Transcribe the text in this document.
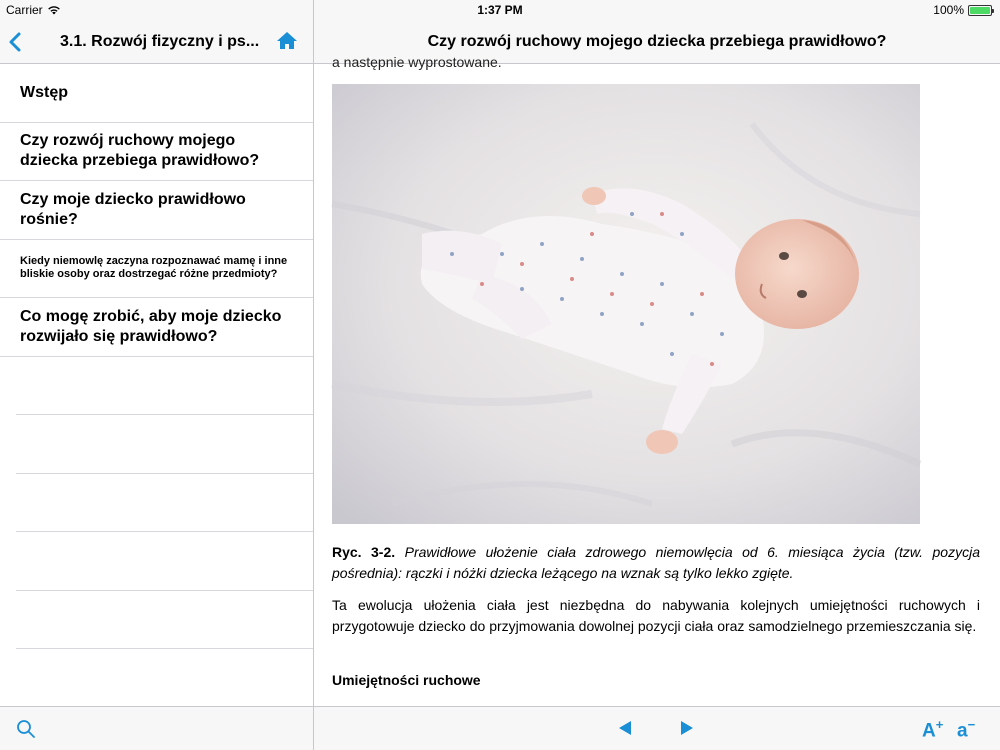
Carrier	1:37 PM	100%
3.1. Rozwój fizyczny i ps...	Czy rozwój ruchowy mojego dziecka przebiega prawidłowo?
Wstęp
Czy rozwój ruchowy mojego dziecka przebiega prawidłowo?
Czy moje dziecko prawidłowo rośnie?
Kiedy niemowlę zaczyna rozpoznawać mamę i inne bliskie osoby oraz dostrzegać różne przedmioty?
Co mogę zrobić, aby moje dziecko rozwijało się prawidłowo?
a następnie wyprostowane.

Ryc. 3-2. Prawidłowe ułożenie ciała zdrowego niemowlęcia od 6. miesiąca życia (tzw. pozycja pośrednia): rączki i nóżki dziecka leżącego na wznak są tylko lekko zgięte.

Ta ewolucja ułożenia ciała jest niezbędna do nabywania kolejnych umiejętności ruchowych i przygotowuje dziecko do przyjmowania dowolnej pozycji ciała oraz samodzielnego przemieszczania się.

Umiejętności ruchowe
A+ a−
